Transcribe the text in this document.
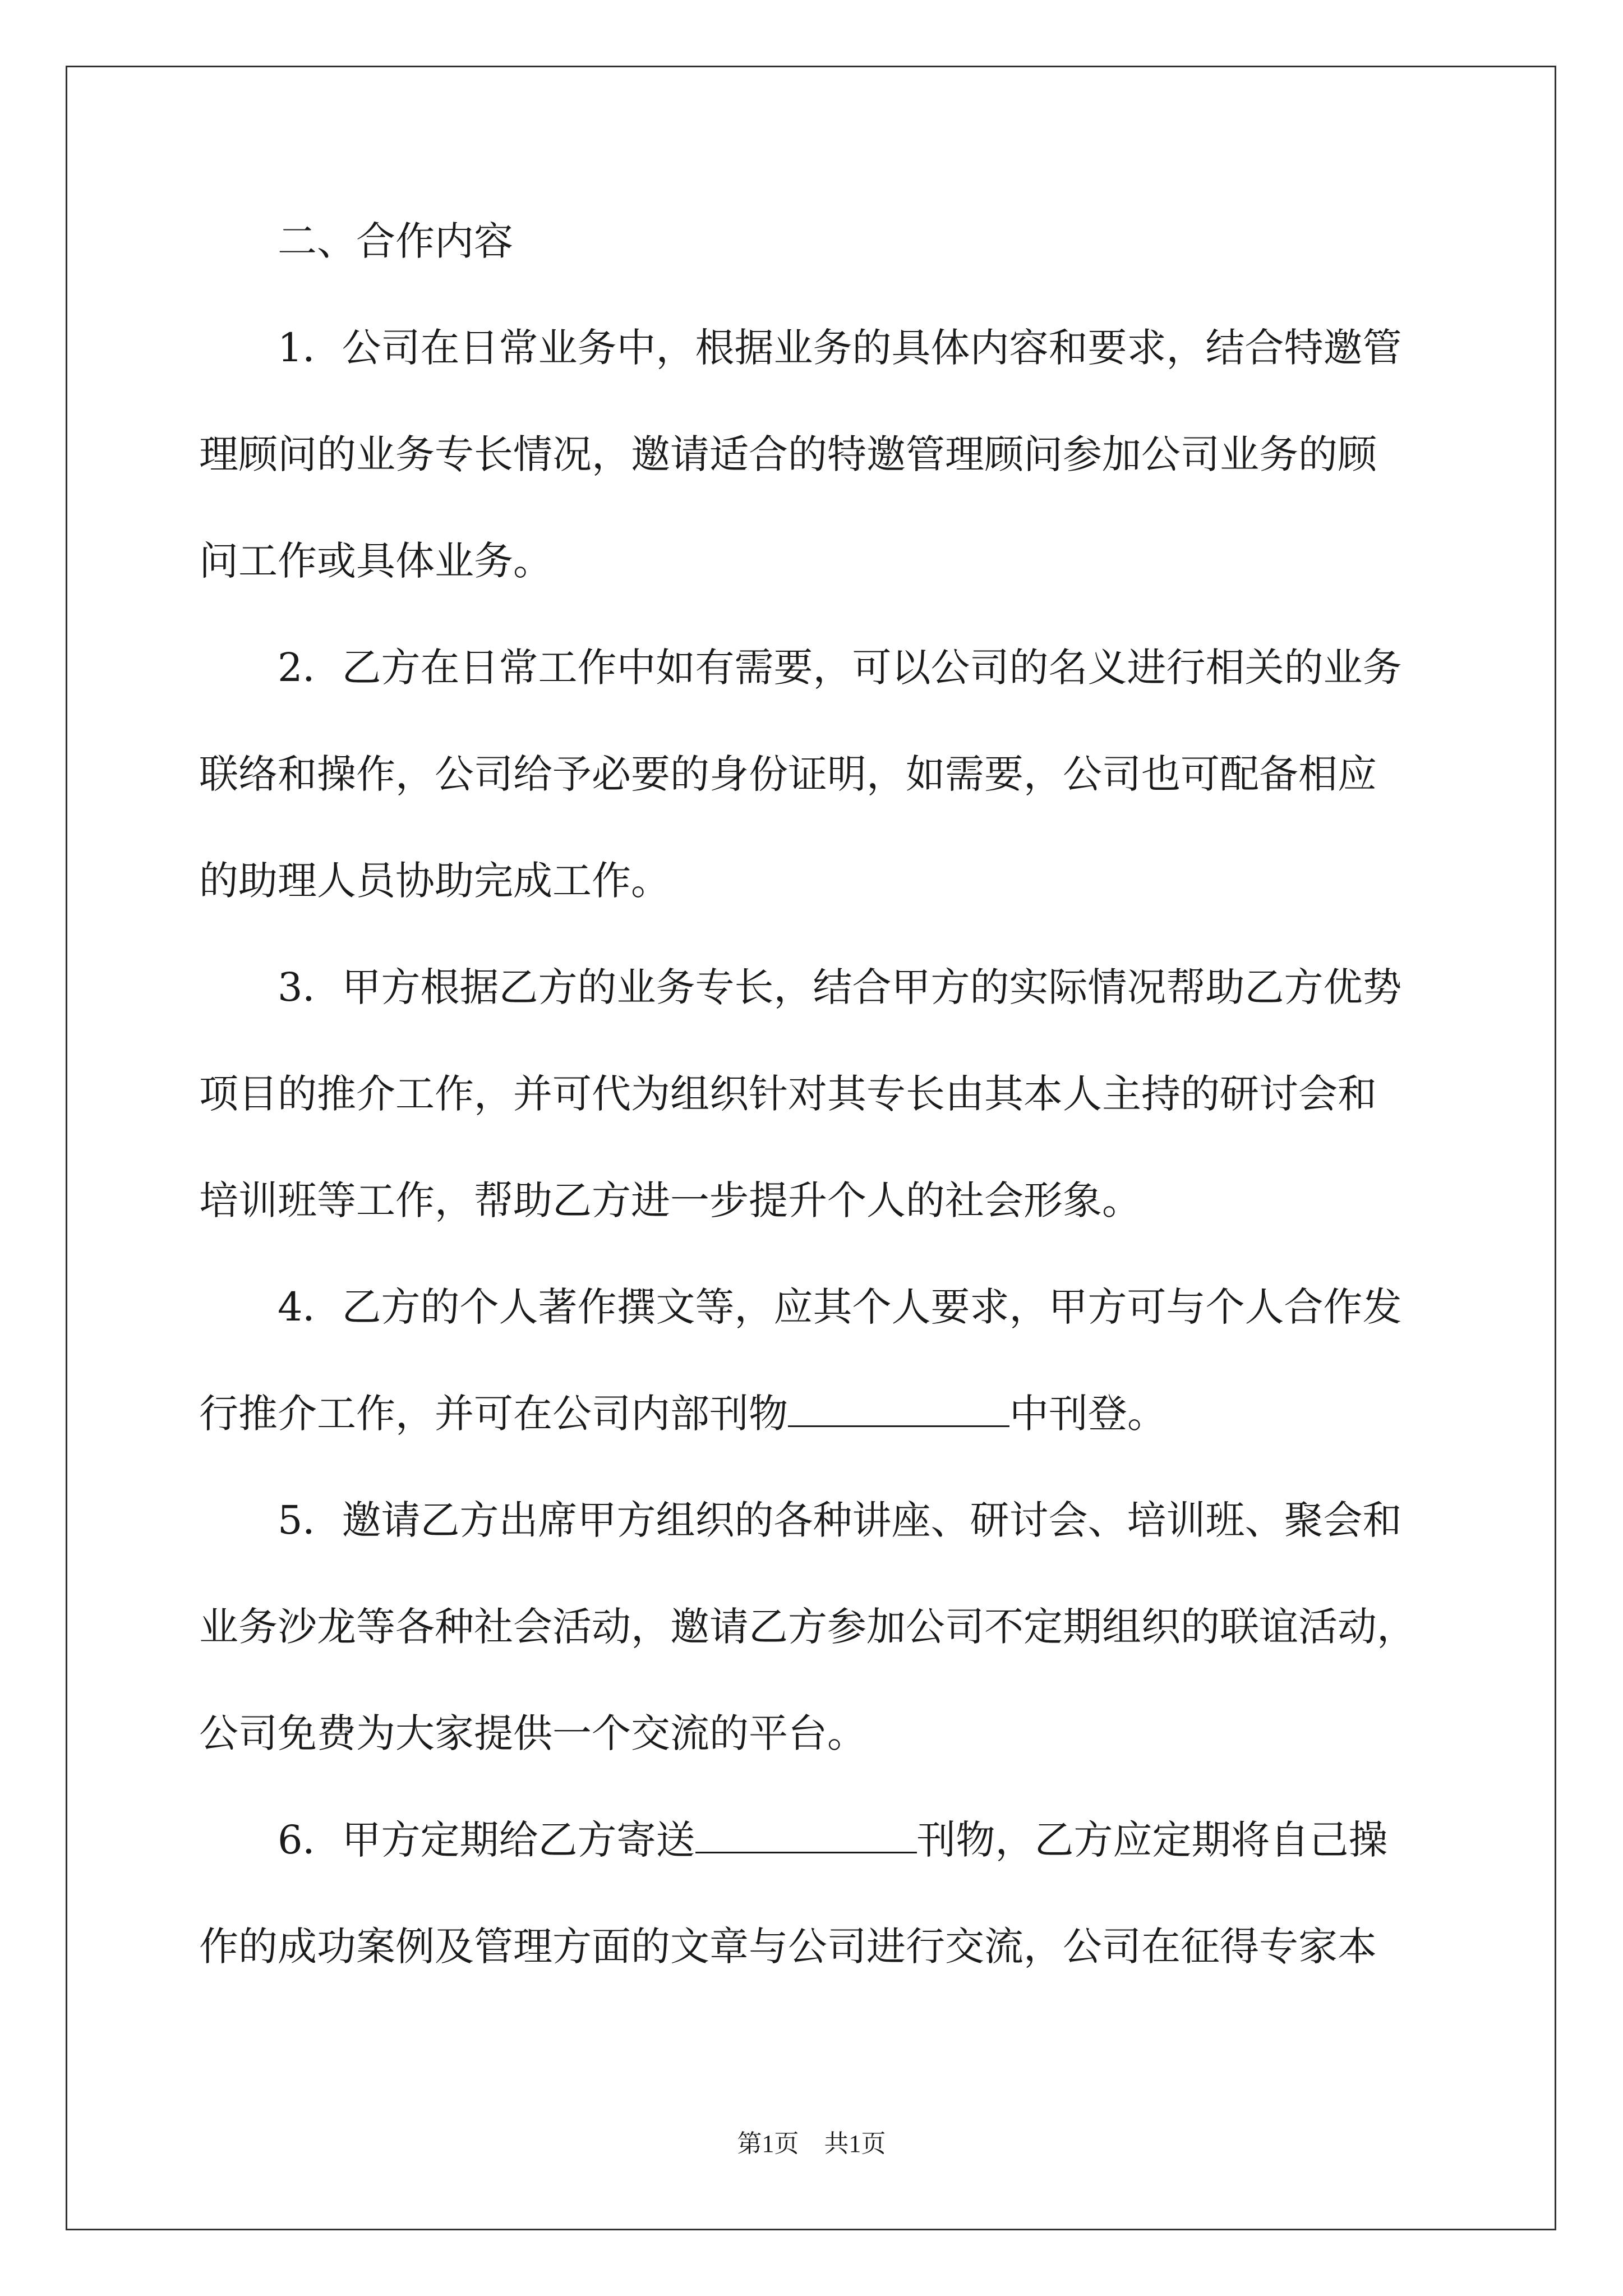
二、合作内容
1．公司在日常业务中，根据业务的具体内容和要求，结合特邀管
理顾问的业务专长情况，邀请适合的特邀管理顾问参加公司业务的顾
问工作或具体业务。
2．乙方在日常工作中如有需要，可以公司的名义进行相关的业务
联络和操作，公司给予必要的身份证明，如需要，公司也可配备相应
的助理人员协助完成工作。
3．甲方根据乙方的业务专长，结合甲方的实际情况帮助乙方优势
项目的推介工作，并可代为组织针对其专长由其本人主持的研讨会和
培训班等工作，帮助乙方进一步提升个人的社会形象。
4．乙方的个人著作撰文等，应其个人要求，甲方可与个人合作发
行推介工作，并可在公司内部刊物	中刊登。
5．邀请乙方出席甲方组织的各种讲座、研讨会、培训班、聚会和
业务沙龙等各种社会活动，邀请乙方参加公司不定期组织的联谊活动，
公司免费为大家提供一个交流的平台。
6．甲方定期给乙方寄送	刊物，乙方应定期将自己操
作的成功案例及管理方面的文章与公司进行交流，公司在征得专家本
第1页 共1页
